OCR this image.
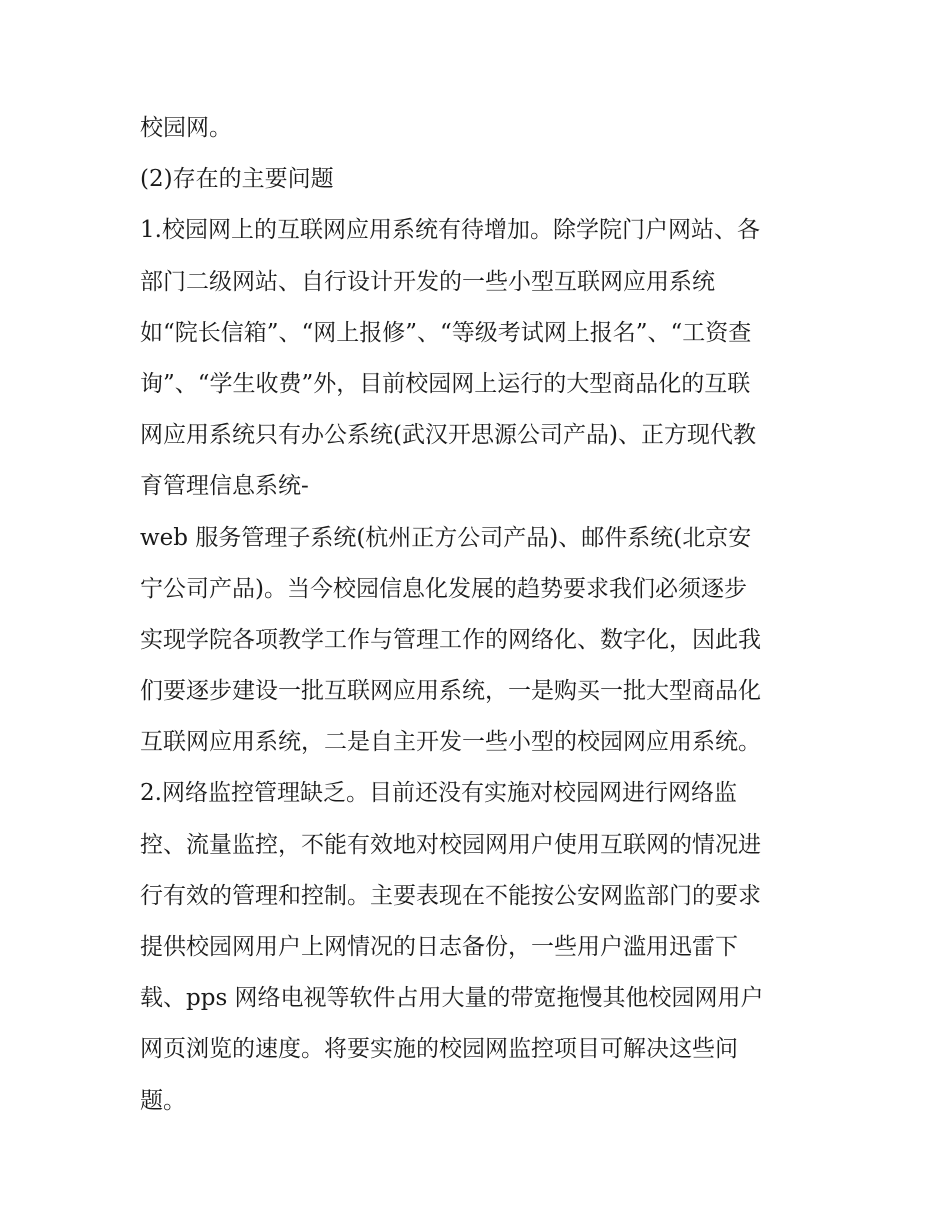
校园网。
(2)存在的主要问题
1.校园网上的互联网应用系统有待增加。除学院门户网站、各
部门二级网站、自行设计开发的一些小型互联网应用系统
如“院长信箱”、“网上报修”、“等级考试网上报名”、“工资查
询”、“学生收费”外，目前校园网上运行的大型商品化的互联
网应用系统只有办公系统(武汉开思源公司产品)、正方现代教
育管理信息系统-
web 服务管理子系统(杭州正方公司产品)、邮件系统(北京安
宁公司产品)。当今校园信息化发展的趋势要求我们必须逐步
实现学院各项教学工作与管理工作的网络化、数字化，因此我
们要逐步建设一批互联网应用系统，一是购买一批大型商品化
互联网应用系统，二是自主开发一些小型的校园网应用系统。
2.网络监控管理缺乏。目前还没有实施对校园网进行网络监
控、流量监控，不能有效地对校园网用户使用互联网的情况进
行有效的管理和控制。主要表现在不能按公安网监部门的要求
提供校园网用户上网情况的日志备份，一些用户滥用迅雷下
载、pps 网络电视等软件占用大量的带宽拖慢其他校园网用户
网页浏览的速度。将要实施的校园网监控项目可解决这些问
题。
